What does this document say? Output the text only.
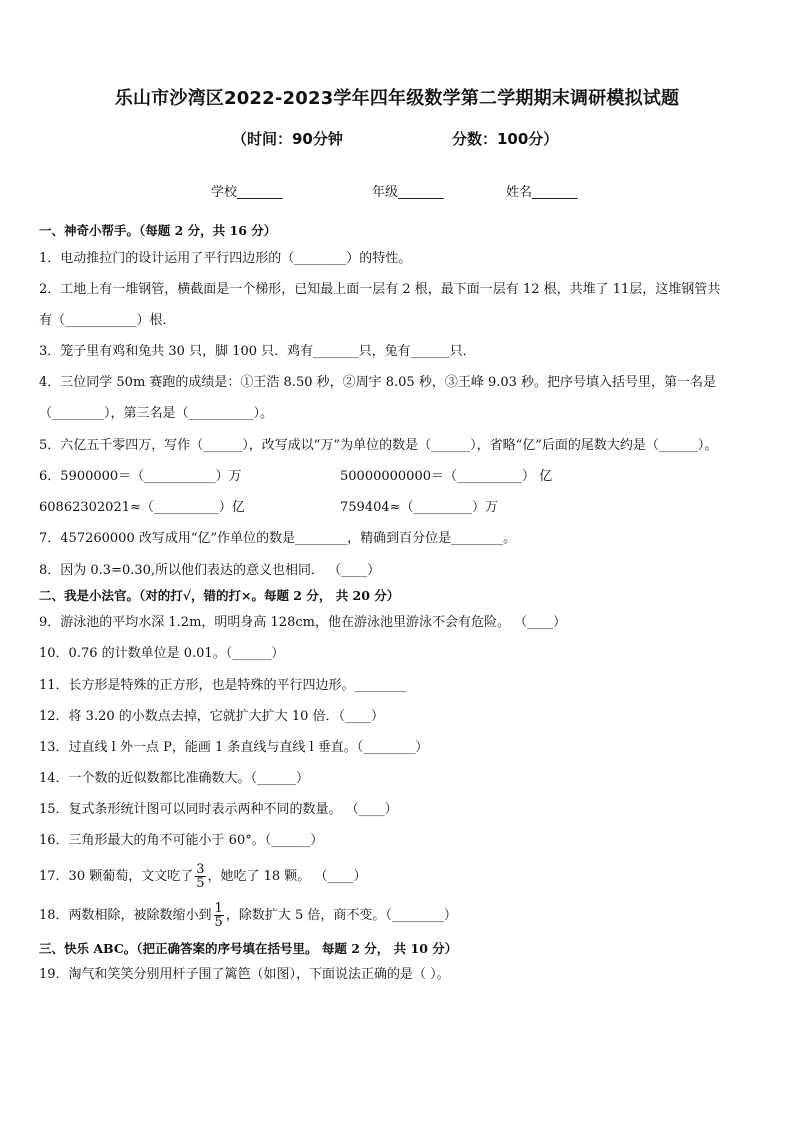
乐山市沙湾区2022-2023学年四年级数学第二学期期末调研模拟试题
（时间：90分钟	分数：100分）
学校_______	年级_______	姓名_______
一、神奇小帮手。（每题 2 分，共 16 分）
1．电动推拉门的设计运用了平行四边形的（________）的特性。
2．工地上有一堆钢管，横截面是一个梯形，已知最上面一层有 2 根，最下面一层有 12 根，共堆了 11层，这堆钢管共
有（___________）根．
3．笼子里有鸡和兔共 30 只，脚 100 只．鸡有_______只，兔有______只．
4．三位同学 50m 赛跑的成绩是：①王浩 8.50 秒，②周宇 8.05 秒，③王峰 9.03 秒。把序号填入括号里，第一名是
（________），第三名是（__________）。
5．六亿五千零四万，写作（______），改写成以“万”为单位的数是（______），省略“亿”后面的尾数大约是（______）。
6．5900000＝（___________）万	50000000000＝（__________） 亿
60862302021≈（__________）亿	759404≈（_________）万
7．457260000 改写成用“亿”作单位的数是________，精确到百分位是________。
8．因为 0.3=0.30,所以他们表达的意义也相同． （____）
二、我是小法官。（对的打√，错的打×。每题 2 分， 共 20 分）
9．游泳池的平均水深 1.2m，明明身高 128cm，他在游泳池里游泳不会有危险。 （____）
10．0.76 的计数单位是 0.01。（______）
11．长方形是特殊的正方形，也是特殊的平行四边形。________
12．将 3.20 的小数点去掉，它就扩大扩大 10 倍．（____）
13．过直线 l 外一点 P，能画 1 条直线与直线 l 垂直。（________）
14．一个数的近似数都比准确数大。（______）
15．复式条形统计图可以同时表示两种不同的数量。 （____）
16．三角形最大的角不可能小于 60°。（______）
17．30 颗葡萄，文文吃了 $\frac{3}{5}$ ，她吃了 18 颗。 （____）
18．两数相除，被除数缩小到 $\frac{1}{5}$ ，除数扩大 5 倍，商不变。（________）
三、快乐 ABC。（把正确答案的序号填在括号里。 每题 2 分， 共 10 分）
19．淘气和笑笑分别用杆子围了篱笆（如图），下面说法正确的是（ ）。
